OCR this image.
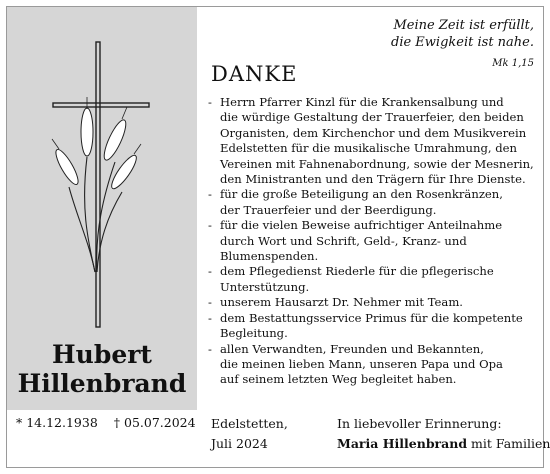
Hubert
Hillenbrand
* 14.12.1938 † 05.07.2024
Meine Zeit ist erfüllt,
die Ewigkeit ist nahe.
Mk 1,15
DANKE
- Herrn Pfarrer Kinzl für die Krankensalbung und
die würdige Gestaltung der Trauerfeier, den beiden
Organisten, dem Kirchenchor und dem Musikverein
Edelstetten für die musikalische Umrahmung, den
Vereinen mit Fahnenabordnung, sowie der Mesnerin,
den Ministranten und den Trägern für Ihre Dienste.
- für die große Beteiligung an den Rosenkränzen,
der Trauerfeier und der Beerdigung.
- für die vielen Beweise aufrichtiger Anteilnahme
durch Wort und Schrift, Geld-, Kranz- und
Blumenspenden.
- dem Pflegedienst Riederle für die pflegerische
Unterstützung.
- unserem Hausarzt Dr. Nehmer mit Team.
- dem Bestattungsservice Primus für die kompetente
Begleitung.
- allen Verwandten, Freunden und Bekannten,
die meinen lieben Mann, unseren Papa und Opa
auf seinem letzten Weg begleitet haben.
Edelstetten,
Juli 2024
In liebevoller Erinnerung:
Maria Hillenbrand mit Familien
